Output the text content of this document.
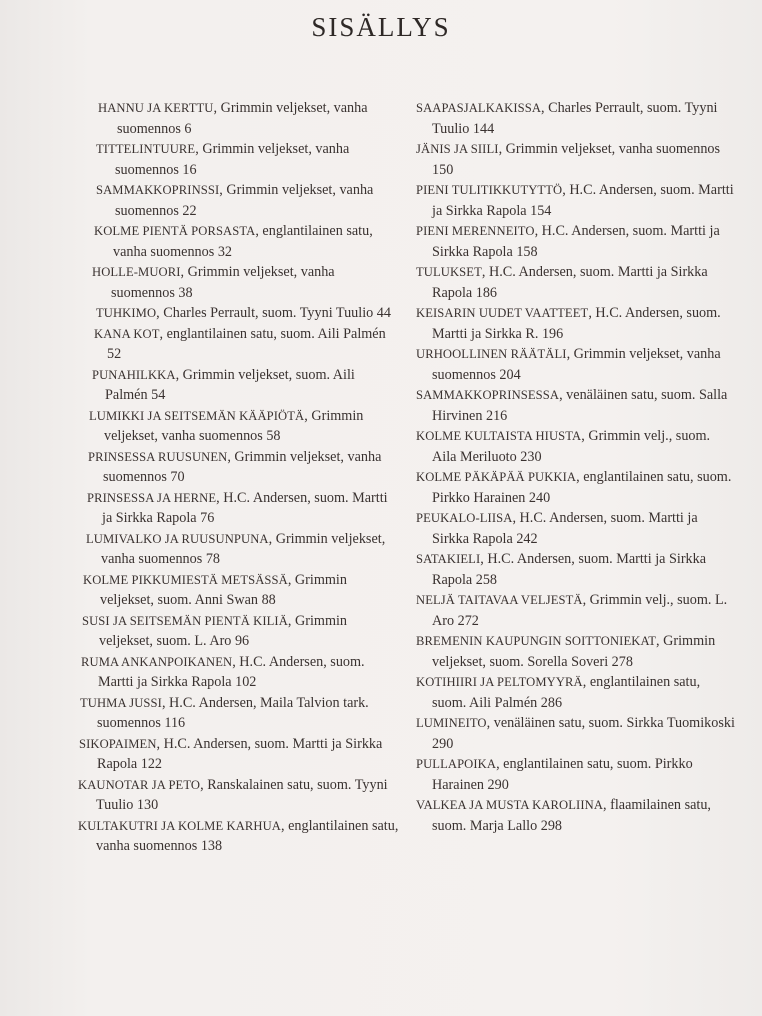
SISÄLLYS

HANNU JA KERTTU, Grimmin veljekset, vanha suomennos 6

TITTELINTUURE, Grimmin veljekset, vanha suomennos 16

SAMMAKKOPRINSSI, Grimmin veljekset, vanha suomennos 22

KOLME PIENTÄ PORSASTA, englantilainen satu, vanha suomennos 32

HOLLE-MUORI, Grimmin veljekset, vanha suomennos 38

TUHKIMO, Charles Perrault, suom. Tyyni Tuulio 44

KANA KOT, englantilainen satu, suom. Aili Palmén 52

PUNAHILKKA, Grimmin veljekset, suom. Aili Palmén 54

LUMIKKI JA SEITSEMÄN KÄÄPIÖTÄ, Grimmin veljekset, vanha suomennos 58

PRINSESSA RUUSUNEN, Grimmin veljekset, vanha suomennos 70

PRINSESSA JA HERNE, H.C. Andersen, suom. Martti ja Sirkka Rapola 76

LUMIVALKO JA RUUSUNPUNA, Grimmin veljekset, vanha suomennos 78

KOLME PIKKUMIESTÄ METSÄSSÄ, Grimmin veljekset, suom. Anni Swan 88

SUSI JA SEITSEMÄN PIENTÄ KILIÄ, Grimmin veljekset, suom. L. Aro 96

RUMA ANKANPOIKANEN, H.C. Andersen, suom. Martti ja Sirkka Rapola 102

TUHMA JUSSI, H.C. Andersen, Maila Talvion tark. suomennos 116

SIKOPAIMEN, H.C. Andersen, suom. Martti ja Sirkka Rapola 122

KAUNOTAR JA PETO, Ranskalainen satu, suom. Tyyni Tuulio 130

KULTAKUTRI JA KOLME KARHUA, englantilainen satu, vanha suomennos 138

SAAPASJALKAKISSA, Charles Perrault, suom. Tyyni Tuulio 144

JÄNIS JA SIILI, Grimmin veljekset, vanha suomennos 150

PIENI TULITIKKUTYTTÖ, H.C. Andersen, suom. Martti ja Sirkka Rapola 154

PIENI MERENNEITO, H.C. Andersen, suom. Martti ja Sirkka Rapola 158

TULUKSET, H.C. Andersen, suom. Martti ja Sirkka Rapola 186

KEISARIN UUDET VAATTEET, H.C. Andersen, suom. Martti ja Sirkka R. 196

URHOOLLINEN RÄÄTÄLI, Grimmin veljekset, vanha suomennos 204

SAMMAKKOPRINSESSA, venäläinen satu, suom. Salla Hirvinen 216

KOLME KULTAISTA HIUSTA, Grimmin velj., suom. Aila Meriluoto 230

KOLME PÄKÄPÄÄ PUKKIA, englantilainen satu, suom. Pirkko Harainen 240

PEUKALO-LIISA, H.C. Andersen, suom. Martti ja Sirkka Rapola 242

SATAKIELI, H.C. Andersen, suom. Martti ja Sirkka Rapola 258

NELJÄ TAITAVAA VELJESTÄ, Grimmin velj., suom. L. Aro 272

BREMENIN KAUPUNGIN SOITTONIEKAT, Grimmin veljekset, suom. Sorella Soveri 278

KOTIHIIRI JA PELTOMYYRÄ, englantilainen satu, suom. Aili Palmén 286

LUMINEITO, venäläinen satu, suom. Sirkka Tuomikoski 290

PULLAPOIKA, englantilainen satu, suom. Pirkko Harainen 290

VALKEA JA MUSTA KAROLIINA, flaamilainen satu, suom. Marja Lallo 298
